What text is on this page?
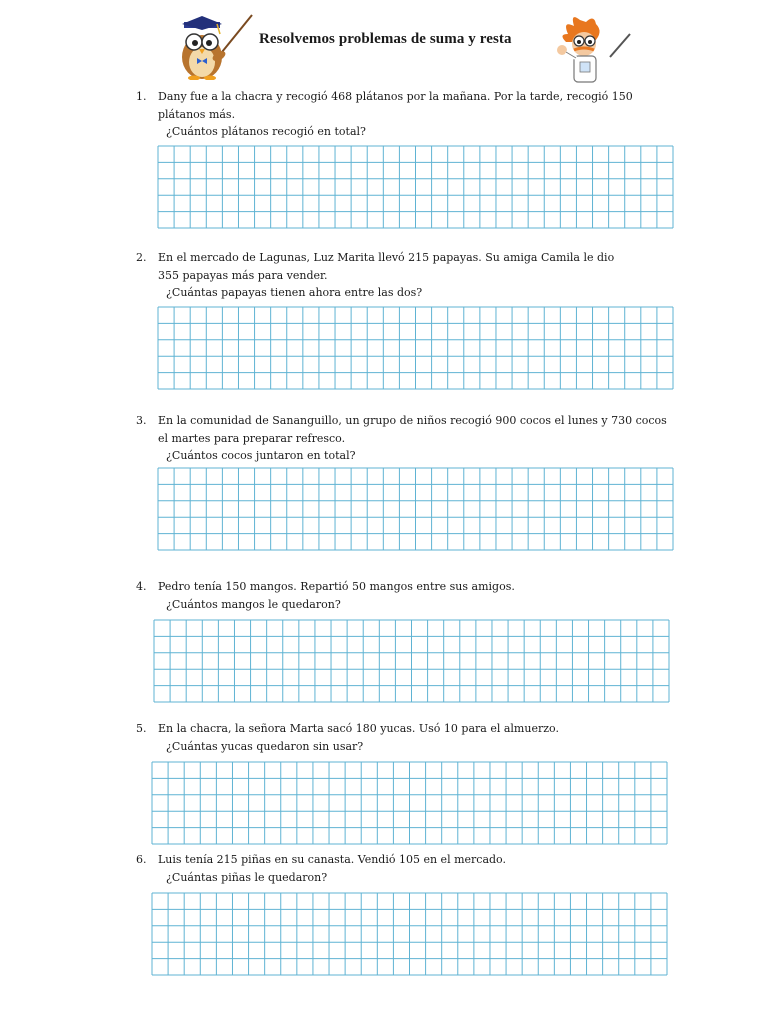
Resolvemos problemas de suma y resta
1. Dany fue a la chacra y recogió 468 plátanos por la mañana. Por la tarde, recogió 150 plátanos más.
¿Cuántos plátanos recogió en total?
2. En el mercado de Lagunas, Luz Marita llevó 215 papayas. Su amiga Camila le dio 355 papayas más para vender.
¿Cuántas papayas tienen ahora entre las dos?
3. En la comunidad de Sananguillo, un grupo de niños recogió 900 cocos el lunes y 730 cocos el martes para preparar refresco.
¿Cuántos cocos juntaron en total?
4. Pedro tenía 150 mangos. Repartió 50 mangos entre sus amigos.
¿Cuántos mangos le quedaron?
5. En la chacra, la señora Marta sacó 180 yucas. Usó 10 para el almuerzo.
¿Cuántas yucas quedaron sin usar?
6. Luis tenía 215 piñas en su canasta. Vendió 105 en el mercado.
¿Cuántas piñas le quedaron?
